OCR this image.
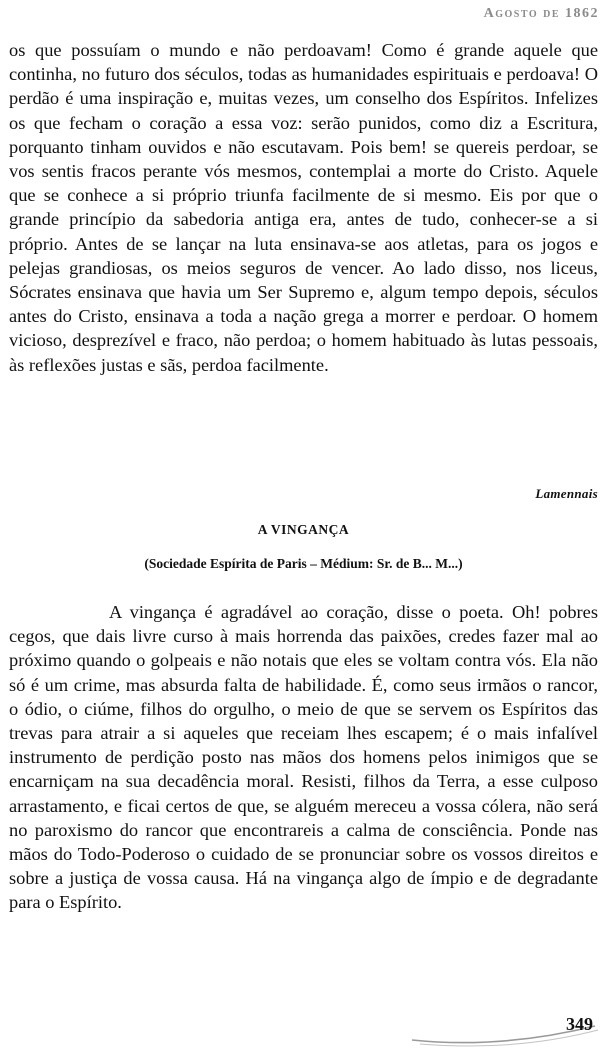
Agosto de 1862

os que possuíam o mundo e não perdoavam! Como é grande aquele que continha, no futuro dos séculos, todas as humanidades espirituais e perdoava! O perdão é uma inspiração e, muitas vezes, um conselho dos Espíritos. Infelizes os que fecham o coração a essa voz: serão punidos, como diz a Escritura, porquanto tinham ouvidos e não escutavam. Pois bem! se quereis perdoar, se vos sentis fracos perante vós mesmos, contemplai a morte do Cristo. Aquele que se conhece a si próprio triunfa facilmente de si mesmo. Eis por que o grande princípio da sabedoria antiga era, antes de tudo, conhecer-se a si próprio. Antes de se lançar na luta ensinava-se aos atletas, para os jogos e pelejas grandiosas, os meios seguros de vencer. Ao lado disso, nos liceus, Sócrates ensinava que havia um Ser Supremo e, algum tempo depois, séculos antes do Cristo, ensinava a toda a nação grega a morrer e perdoar. O homem vicioso, desprezível e fraco, não perdoa; o homem habituado às lutas pessoais, às reflexões justas e sãs, perdoa facilmente.

Lamennais
A VINGANÇA
(Sociedade Espírita de Paris – Médium: Sr. de B... M...)

A vingança é agradável ao coração, disse o poeta. Oh! pobres cegos, que dais livre curso à mais horrenda das paixões, credes fazer mal ao próximo quando o golpeais e não notais que eles se voltam contra vós. Ela não só é um crime, mas absurda falta de habilidade. É, como seus irmãos o rancor, o ódio, o ciúme, filhos do orgulho, o meio de que se servem os Espíritos das trevas para atrair a si aqueles que receiam lhes escapem; é o mais infalível instrumento de perdição posto nas mãos dos homens pelos inimigos que se encarniçam na sua decadência moral. Resisti, filhos da Terra, a esse culposo arrastamento, e ficai certos de que, se alguém mereceu a vossa cólera, não será no paroxismo do rancor que encontrareis a calma de consciência. Ponde nas mãos do Todo-Poderoso o cuidado de se pronunciar sobre os vossos direitos e sobre a justiça de vossa causa. Há na vingança algo de ímpio e de degradante para o Espírito.

349
